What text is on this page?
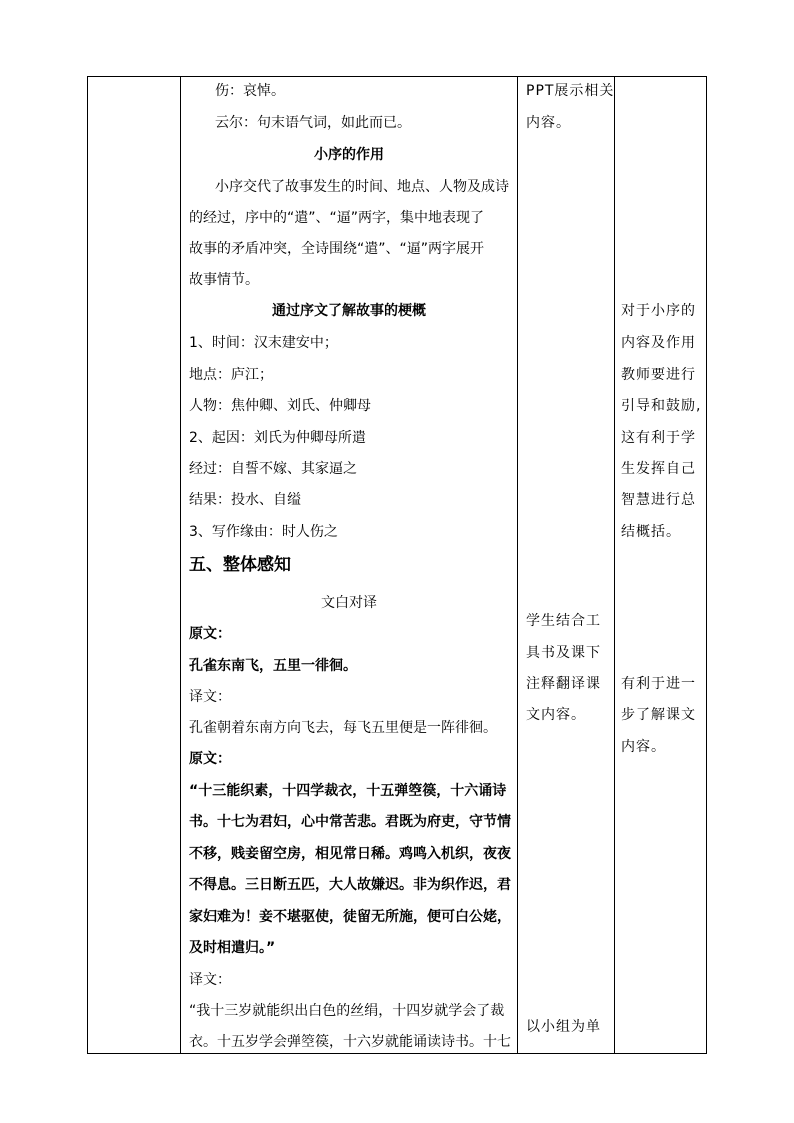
伤：哀悼。
云尔：句末语气词，如此而已。
小序的作用
小序交代了故事发生的时间、地点、人物及成诗
的经过，序中的“遣”、“逼”两字，集中地表现了
故事的矛盾冲突，全诗围绕“遣”、“逼”两字展开
故事情节。
通过序文了解故事的梗概
1、时间：汉末建安中；
地点：庐江；
人物：焦仲卿、刘氏、仲卿母
2、起因：刘氏为仲卿母所遣
经过：自誓不嫁、其家逼之
结果：投水、自缢
3、写作缘由：时人伤之
五、整体感知
文白对译
原文：
孔雀东南飞，五里一徘徊。
译文：
孔雀朝着东南方向飞去，每飞五里便是一阵徘徊。
原文：
“十三能织素，十四学裁衣，十五弹箜篌，十六诵诗
书。十七为君妇，心中常苦悲。君既为府吏，守节情
不移，贱妾留空房，相见常日稀。鸡鸣入机织，夜夜
不得息。三日断五匹，大人故嫌迟。非为织作迟，君
家妇难为！妾不堪驱使，徒留无所施，便可白公姥，
及时相遣归。”
译文：
“我十三岁就能织出白色的丝绢，十四岁就学会了裁
衣。十五岁学会弹箜篌，十六岁就能诵读诗书。十七
PPT展示相关
内容。
学生结合工
具书及课下
注释翻译课
文内容。
以小组为单
对于小序的
内容及作用
教师要进行
引导和鼓励,
这有利于学
生发挥自己
智慧进行总
结概括。
有利于进一
步了解课文
内容。
